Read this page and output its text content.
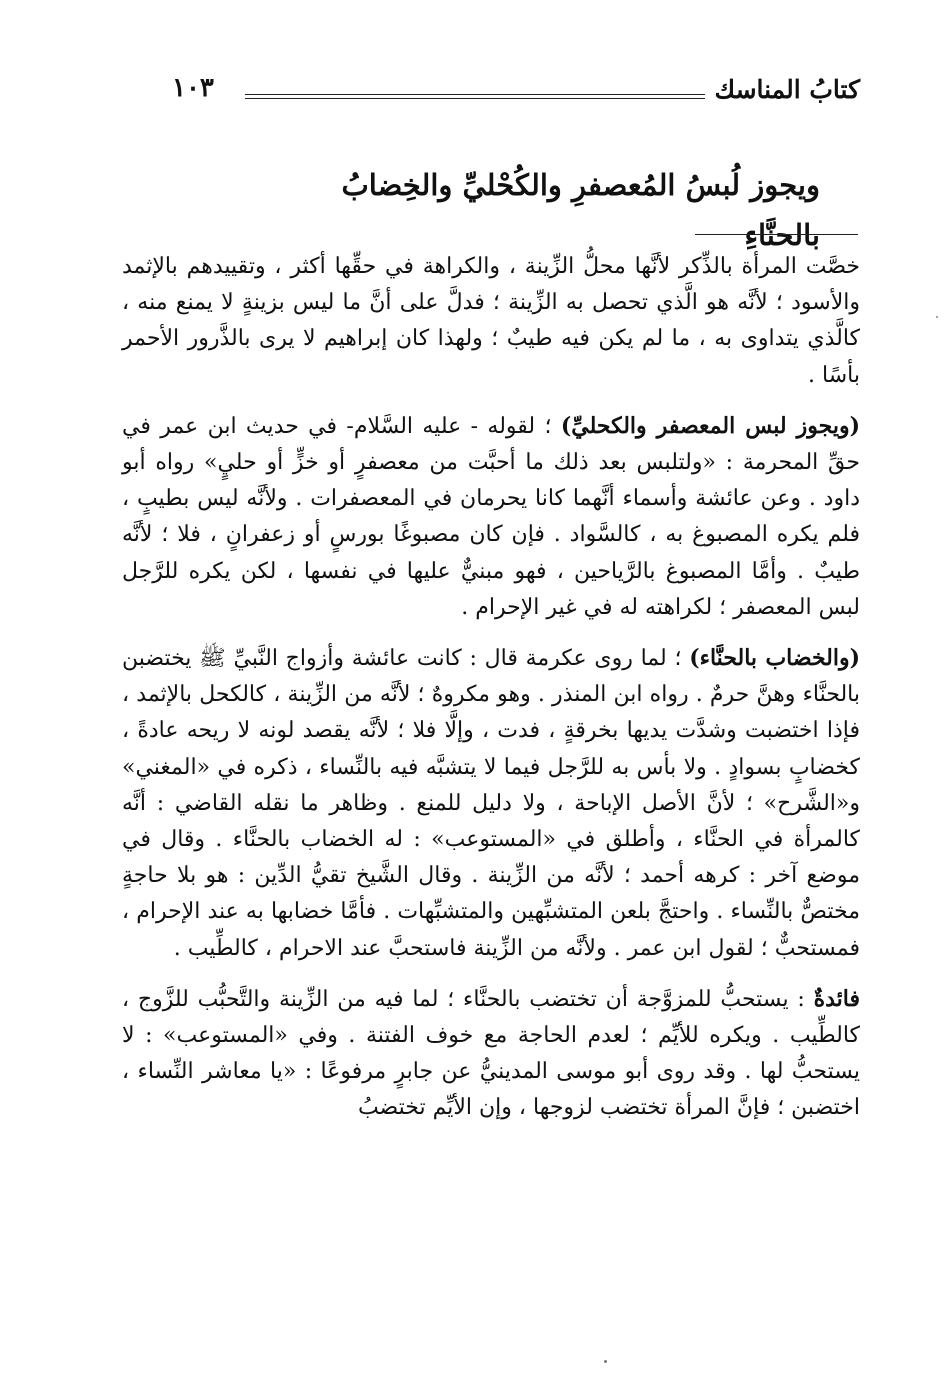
١٠٣	كتابُ المناسك
ويجوز لُبسُ المُعصفرِ والكُحْليِّ والخِضابُ بالحنَّاءِ

خصَّت المرأة بالذِّكر لأنَّها محلُّ الزِّينة ، والكراهة في حقِّها أكثر ، وتقييدهم بالإثمد والأسود ؛ لأنَّه هو الَّذي تحصل به الزِّينة ؛ فدلَّ على أنَّ ما ليس بزينةٍ لا يمنع منه ، كالَّذي يتداوى به ، ما لم يكن فيه طيبٌ ؛ ولهذا كان إبراهيم لا يرى بالذَّرور الأحمر بأسًا .

(ويجوز لبس المعصفر والكحليِّ) ؛ لقوله - عليه السَّلام- في حديث ابن عمر في حقِّ المحرمة : «ولتلبس بعد ذلك ما أحبَّت من معصفرٍ أو خزٍّ أو حليٍ» رواه أبو داود . وعن عائشة وأسماء أنَّهما كانا يحرمان في المعصفرات . ولأنَّه ليس بطيبٍ ، فلم يكره المصبوغ به ، كالسَّواد . فإن كان مصبوغًا بورسٍ أو زعفرانٍ ، فلا ؛ لأنَّه طيبٌ . وأمَّا المصبوغ بالرَّياحين ، فهو مبنيٌّ عليها في نفسها ، لكن يكره للرَّجل لبس المعصفر ؛ لكراهته له في غير الإحرام .

(والخضاب بالحنَّاء) ؛ لما روى عكرمة قال : كانت عائشة وأزواج النَّبيِّ ﷺ يختضبن بالحنَّاء وهنَّ حرمٌ . رواه ابن المنذر . وهو مكروهٌ ؛ لأنَّه من الزِّينة ، كالكحل بالإثمد ، فإذا اختضبت وشدَّت يديها بخرقةٍ ، فدت ، وإلَّا فلا ؛ لأنَّه يقصد لونه لا ريحه عادةً ، كخضابٍ بسوادٍ . ولا بأس به للرَّجل فيما لا يتشبَّه فيه بالنِّساء ، ذكره في «المغني» و«الشَّرح» ؛ لأنَّ الأصل الإباحة ، ولا دليل للمنع . وظاهر ما نقله القاضي : أنَّه كالمرأة في الحنَّاء ، وأطلق في «المستوعب» : له الخضاب بالحنَّاء . وقال في موضع آخر : كرهه أحمد ؛ لأنَّه من الزِّينة . وقال الشَّيخ تقيُّ الدِّين : هو بلا حاجةٍ مختصٌّ بالنِّساء . واحتجَّ بلعن المتشبِّهين والمتشبِّهات . فأمَّا خضابها به عند الإحرام ، فمستحبٌّ ؛ لقول ابن عمر . ولأنَّه من الزِّينة فاستحبَّ عند الاحرام ، كالطِّيب .

فائدةٌ : يستحبُّ للمزوَّجة أن تختضب بالحنَّاء ؛ لما فيه من الزِّينة والتَّحبُّب للزَّوج ، كالطِّيب . ويكره للأيِّم ؛ لعدم الحاجة مع خوف الفتنة . وفي «المستوعب» : لا يستحبُّ لها . وقد روى أبو موسى المدينيُّ عن جابرٍ مرفوعًا : «يا معاشر النِّساء ، اختضبن ؛ فإنَّ المرأة تختضب لزوجها ، وإن الأيِّم تختضبُ
